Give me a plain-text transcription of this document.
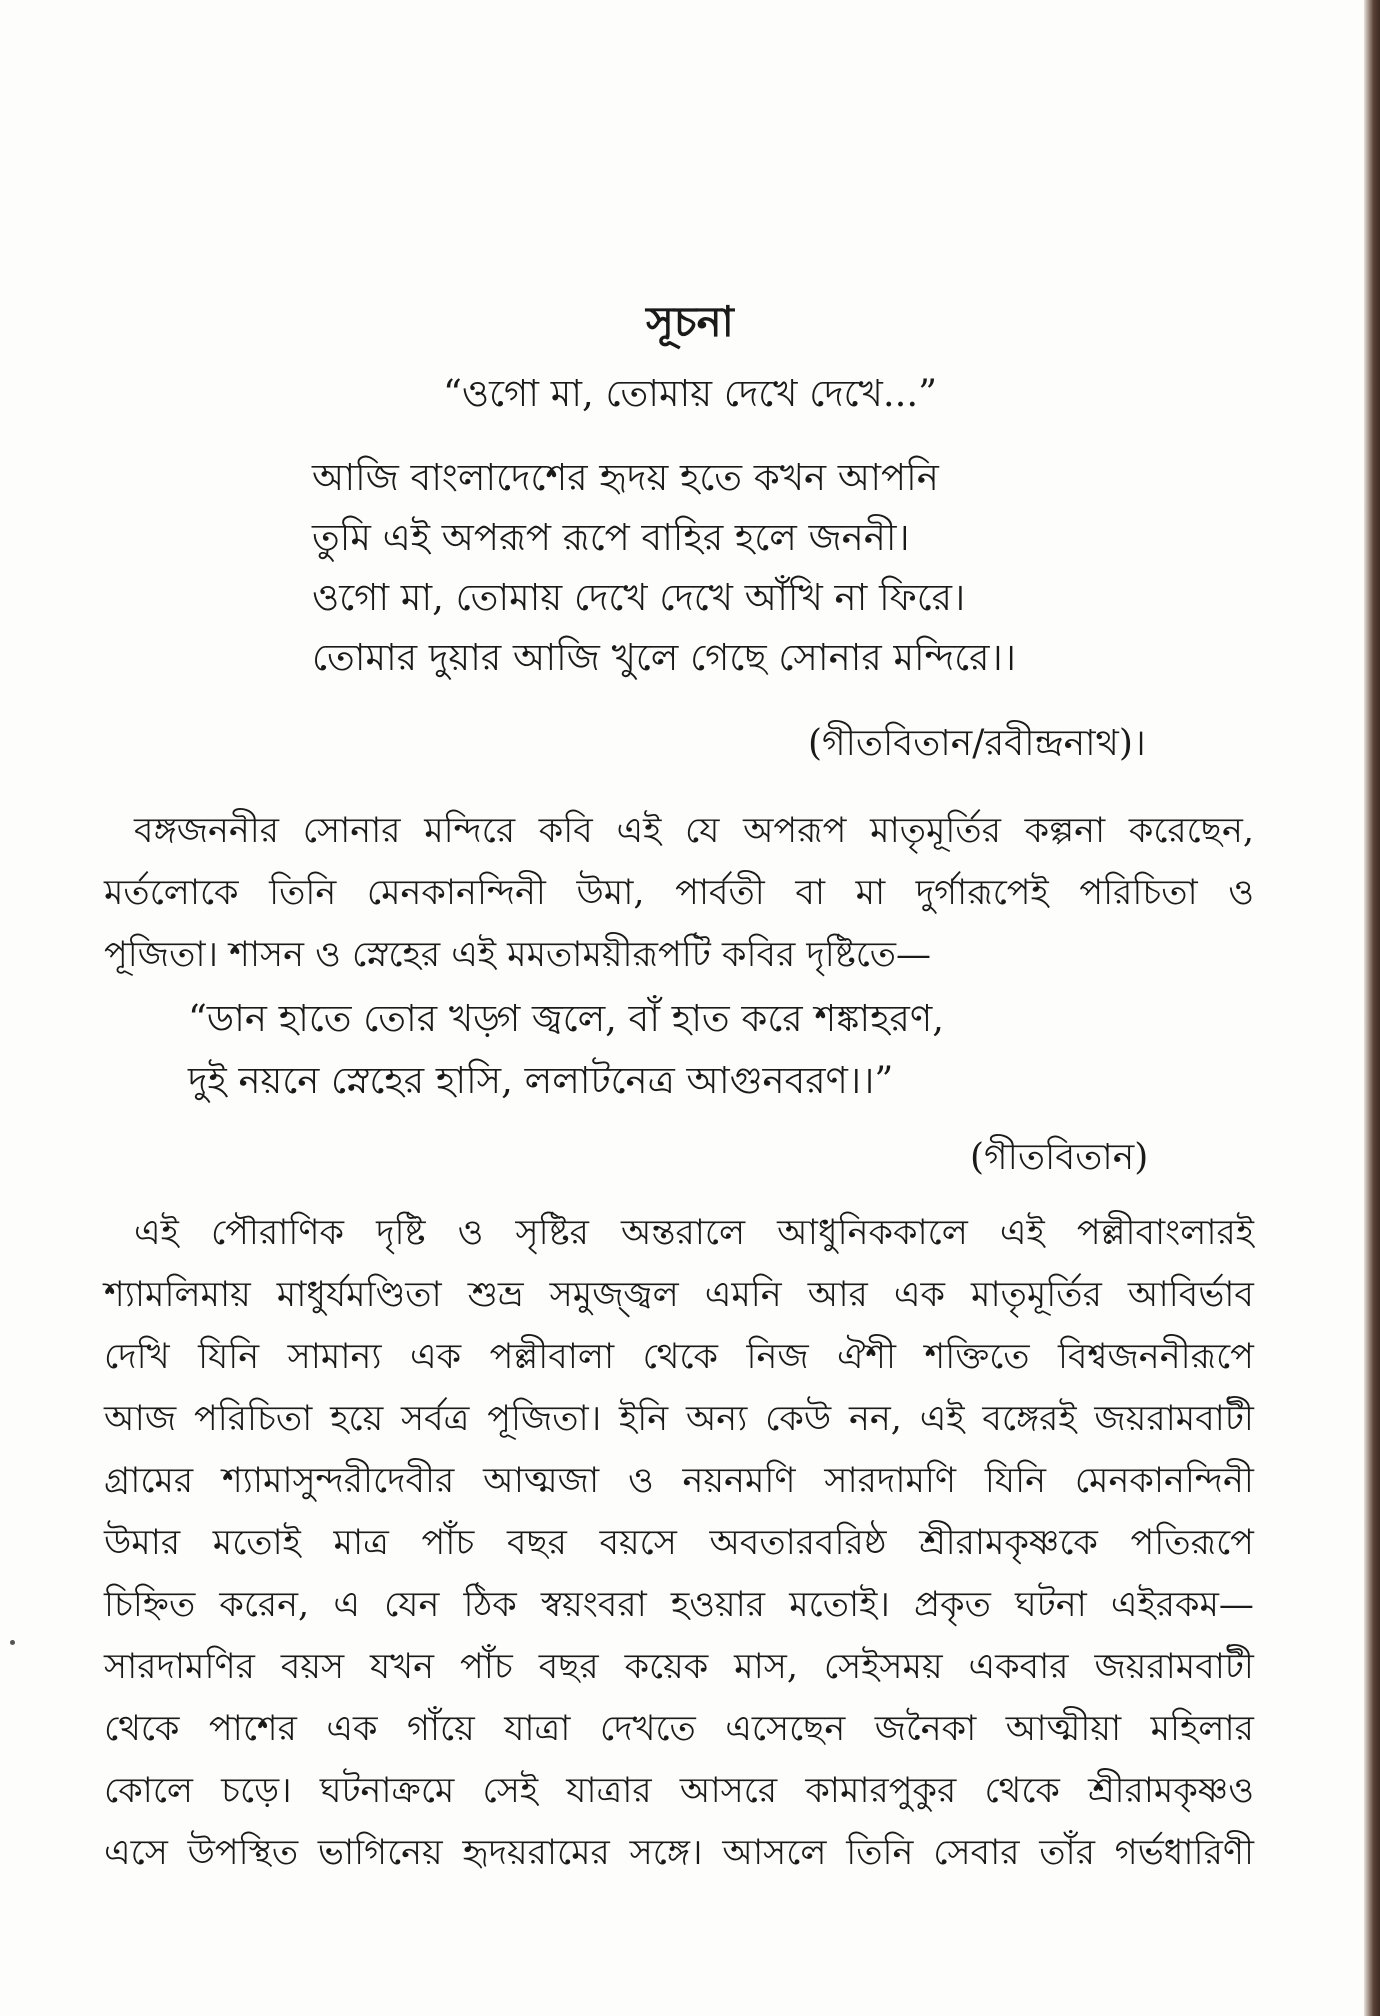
সূচনা
“ওগো মা, তোমায় দেখে দেখে...”
আজি বাংলাদেশের হৃদয় হতে কখন আপনি
তুমি এই অপরূপ রূপে বাহির হলে জননী।
ওগো মা, তোমায় দেখে দেখে আঁখি না ফিরে।
তোমার দুয়ার আজি খুলে গেছে সোনার মন্দিরে।।
(গীতবিতান/রবীন্দ্রনাথ)।
বঙ্গজননীর সোনার মন্দিরে কবি এই যে অপরূপ মাতৃমূর্তির কল্পনা করেছেন,
মর্তলোকে তিনি মেনকানন্দিনী উমা, পার্বতী বা মা দুর্গারূপেই পরিচিতা ও
পূজিতা। শাসন ও স্নেহের এই মমতাময়ীরূপটি কবির দৃষ্টিতে—
“ডান হাতে তোর খড়্গ জ্বলে, বাঁ হাত করে শঙ্কাহরণ,
দুই নয়নে স্নেহের হাসি, ললাটনেত্র আগুনবরণ।।”
(গীতবিতান)
এই পৌরাণিক দৃষ্টি ও সৃষ্টির অন্তরালে আধুনিককালে এই পল্লীবাংলারই
শ্যামলিমায় মাধুর্যমণ্ডিতা শুভ্র সমুজ্জ্বল এমনি আর এক মাতৃমূর্তির আবির্ভাব
দেখি যিনি সামান্য এক পল্লীবালা থেকে নিজ ঐশী শক্তিতে বিশ্বজননীরূপে
আজ পরিচিতা হয়ে সর্বত্র পূজিতা। ইনি অন্য কেউ নন, এই বঙ্গেরই জয়রামবাটী
গ্রামের শ্যামাসুন্দরীদেবীর আত্মজা ও নয়নমণি সারদামণি যিনি মেনকানন্দিনী
উমার মতোই মাত্র পাঁচ বছর বয়সে অবতারবরিষ্ঠ শ্রীরামকৃষ্ণকে পতিরূপে
চিহ্নিত করেন, এ যেন ঠিক স্বয়ংবরা হওয়ার মতোই। প্রকৃত ঘটনা এইরকম—
সারদামণির বয়স যখন পাঁচ বছর কয়েক মাস, সেইসময় একবার জয়রামবাটী
থেকে পাশের এক গাঁয়ে যাত্রা দেখতে এসেছেন জনৈকা আত্মীয়া মহিলার
কোলে চড়ে। ঘটনাক্রমে সেই যাত্রার আসরে কামারপুকুর থেকে শ্রীরামকৃষ্ণও
এসে উপস্থিত ভাগিনেয় হৃদয়রামের সঙ্গে। আসলে তিনি সেবার তাঁর গর্ভধারিণী
